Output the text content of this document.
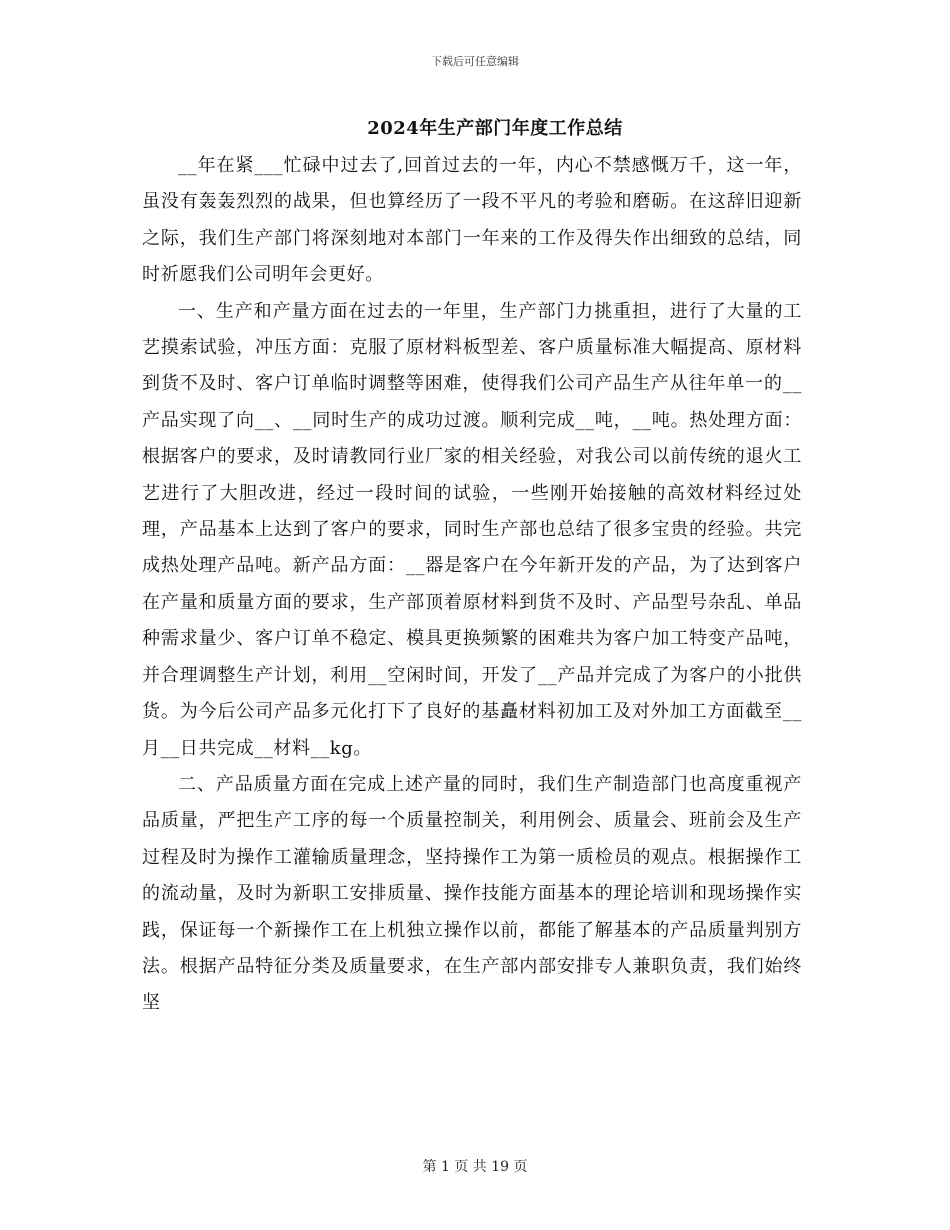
下载后可任意编辑
2024年生产部门年度工作总结

__年在紧___忙碌中过去了,回首过去的一年，内心不禁感慨万千，这一年，虽没有轰轰烈烈的战果，但也算经历了一段不平凡的考验和磨砺。在这辞旧迎新之际，我们生产部门将深刻地对本部门一年来的工作及得失作出细致的总结，同时祈愿我们公司明年会更好。

一、生产和产量方面在过去的一年里，生产部门力挑重担，进行了大量的工艺摸索试验，冲压方面：克服了原材料板型差、客户质量标准大幅提高、原材料到货不及时、客户订单临时调整等困难，使得我们公司产品生产从往年单一的__产品实现了向__、__同时生产的成功过渡。顺利完成__吨，__吨。热处理方面：根据客户的要求，及时请教同行业厂家的相关经验，对我公司以前传统的退火工艺进行了大胆改进，经过一段时间的试验，一些刚开始接触的高效材料经过处理，产品基本上达到了客户的要求，同时生产部也总结了很多宝贵的经验。共完成热处理产品吨。新产品方面：__器是客户在今年新开发的产品，为了达到客户在产量和质量方面的要求，生产部顶着原材料到货不及时、产品型号杂乱、单品种需求量少、客户订单不稳定、模具更换频繁的困难共为客户加工特变产品吨，并合理调整生产计划，利用__空闲时间，开发了__产品并完成了为客户的小批供货。为今后公司产品多元化打下了良好的基矗材料初加工及对外加工方面截至__月__日共完成__材料__kg。

二、产品质量方面在完成上述产量的同时，我们生产制造部门也高度重视产品质量，严把生产工序的每一个质量控制关，利用例会、质量会、班前会及生产过程及时为操作工灌输质量理念，坚持操作工为第一质检员的观点。根据操作工的流动量，及时为新职工安排质量、操作技能方面基本的理论培训和现场操作实践，保证每一个新操作工在上机独立操作以前，都能了解基本的产品质量判别方法。根据产品特征分类及质量要求，在生产部内部安排专人兼职负责，我们始终坚

第 1 页 共 19 页
